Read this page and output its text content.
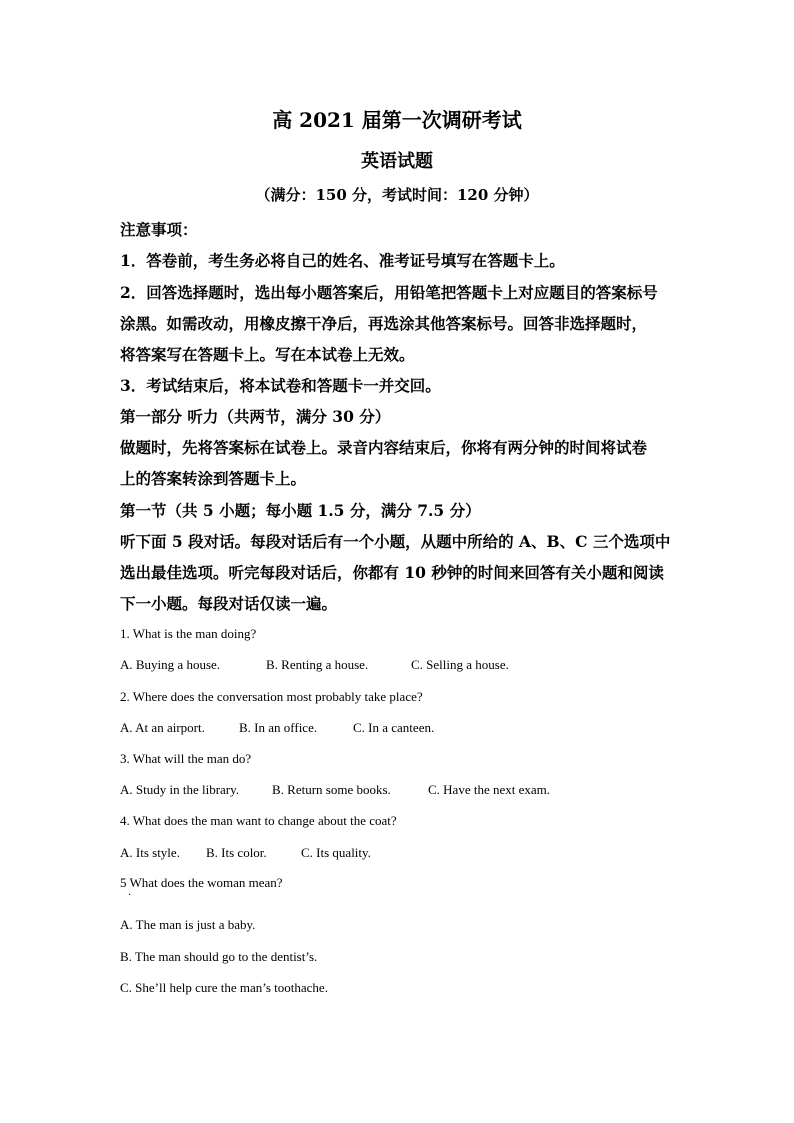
高 2021 届第一次调研考试
英语试题
（满分：150 分，考试时间：120 分钟）
注意事项：
1．答卷前，考生务必将自己的姓名、准考证号填写在答题卡上。
2．回答选择题时，选出每小题答案后，用铅笔把答题卡上对应题目的答案标号
涂黑。如需改动，用橡皮擦干净后，再选涂其他答案标号。回答非选择题时，
将答案写在答题卡上。写在本试卷上无效。
3．考试结束后，将本试卷和答题卡一并交回。
第一部分 听力（共两节，满分 30 分）
做题时，先将答案标在试卷上。录音内容结束后，你将有两分钟的时间将试卷
上的答案转涂到答题卡上。
第一节（共 5 小题；每小题 1.5 分，满分 7.5 分）
听下面 5 段对话。每段对话后有一个小题，从题中所给的 A、B、C 三个选项中
选出最佳选项。听完每段对话后，你都有 10 秒钟的时间来回答有关小题和阅读
下一小题。每段对话仅读一遍。
1. What is the man doing?
A. Buying a house.	B. Renting a house.	C. Selling a house.
2. Where does the conversation most probably take place?
A. At an airport.	B. In an office.	C. In a canteen.
3. What will the man do?
A. Study in the library.	B. Return some books.	C. Have the next exam.
4. What does the man want to change about the coat?
A. Its style. B. Its color.	C. Its quality.
5 What does the woman mean?
·
A. The man is just a baby.
B. The man should go to the dentist’s.
C. She’ll help cure the man’s toothache.
